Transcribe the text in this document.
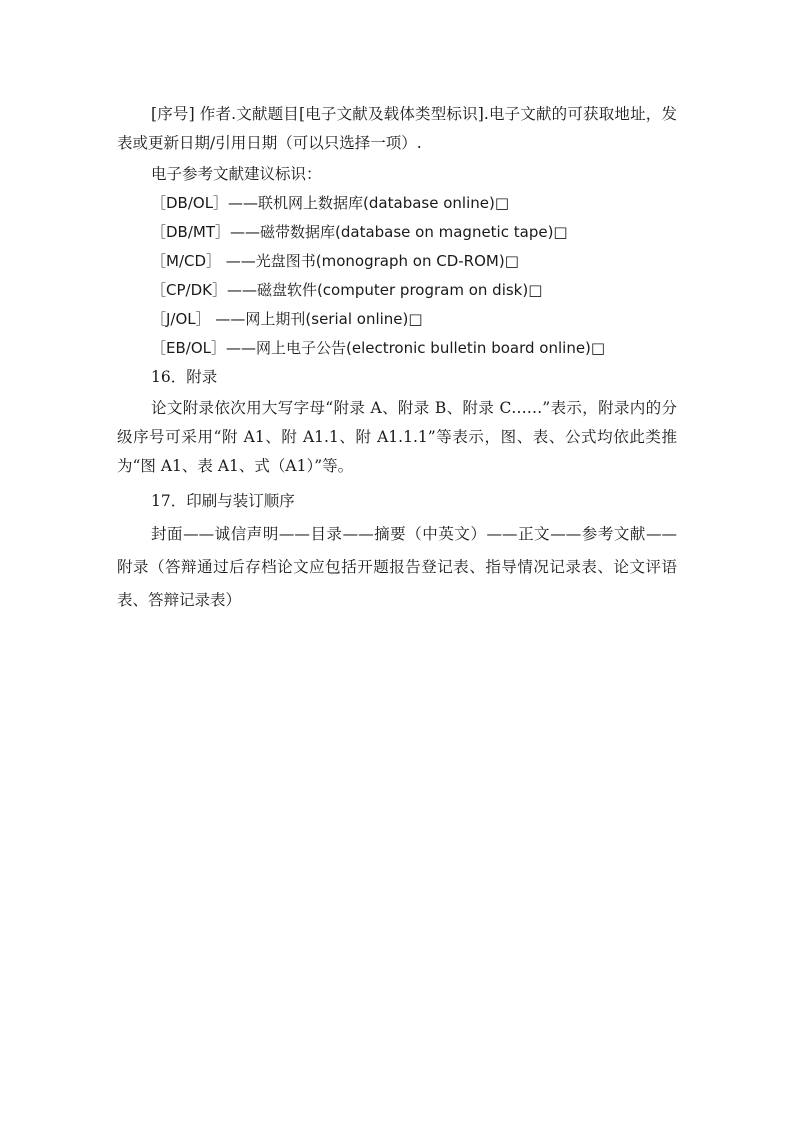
[序号] 作者.文献题目[电子文献及载体类型标识].电子文献的可获取地址，发表或更新日期/引用日期（可以只选择一项）.

电子参考文献建议标识：

［DB/OL］——联机网上数据库(database online)□

［DB/MT］——磁带数据库(database on magnetic tape)□

［M/CD］ ——光盘图书(monograph on CD-ROM)□

［CP/DK］——磁盘软件(computer program on disk)□

［J/OL］ ——网上期刊(serial online)□

［EB/OL］——网上电子公告(electronic bulletin board online)□

16．附录

论文附录依次用大写字母“附录 A、附录 B、附录 C……”表示，附录内的分级序号可采用“附 A1、附 A1.1、附 A1.1.1”等表示，图、表、公式均依此类推为“图 A1、表 A1、式（A1）”等。

17．印刷与装订顺序

封面——诚信声明——目录——摘要（中英文）——正文——参考文献——附录（答辩通过后存档论文应包括开题报告登记表、指导情况记录表、论文评语表、答辩记录表）
